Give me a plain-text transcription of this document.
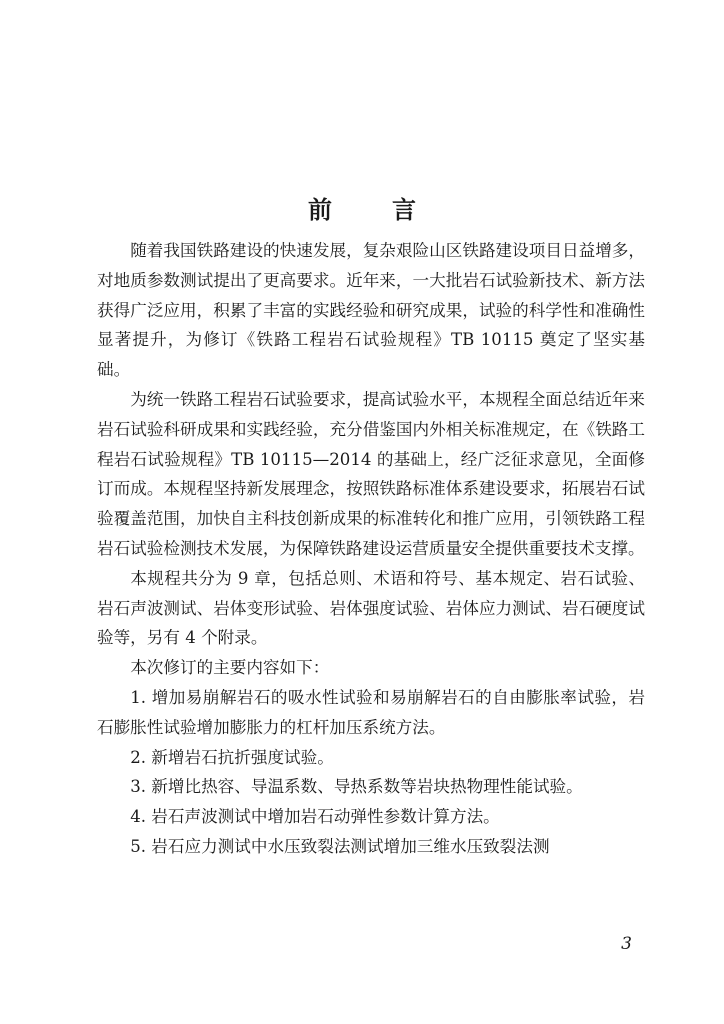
前言

随着我国铁路建设的快速发展，复杂艰险山区铁路建设项目日益增多，对地质参数测试提出了更高要求。近年来，一大批岩石试验新技术、新方法获得广泛应用，积累了丰富的实践经验和研究成果，试验的科学性和准确性显著提升，为修订《铁路工程岩石试验规程》TB 10115 奠定了坚实基础。

为统一铁路工程岩石试验要求，提高试验水平，本规程全面总结近年来岩石试验科研成果和实践经验，充分借鉴国内外相关标准规定，在《铁路工程岩石试验规程》TB 10115—2014 的基础上，经广泛征求意见，全面修订而成。本规程坚持新发展理念，按照铁路标准体系建设要求，拓展岩石试验覆盖范围，加快自主科技创新成果的标准转化和推广应用，引领铁路工程岩石试验检测技术发展，为保障铁路建设运营质量安全提供重要技术支撑。

本规程共分为 9 章，包括总则、术语和符号、基本规定、岩石试验、岩石声波测试、岩体变形试验、岩体强度试验、岩体应力测试、岩石硬度试验等，另有 4 个附录。

本次修订的主要内容如下：

1. 增加易崩解岩石的吸水性试验和易崩解岩石的自由膨胀率试验，岩石膨胀性试验增加膨胀力的杠杆加压系统方法。

2. 新增岩石抗折强度试验。

3. 新增比热容、导温系数、导热系数等岩块热物理性能试验。

4. 岩石声波测试中增加岩石动弹性参数计算方法。

5. 岩石应力测试中水压致裂法测试增加三维水压致裂法测

3
